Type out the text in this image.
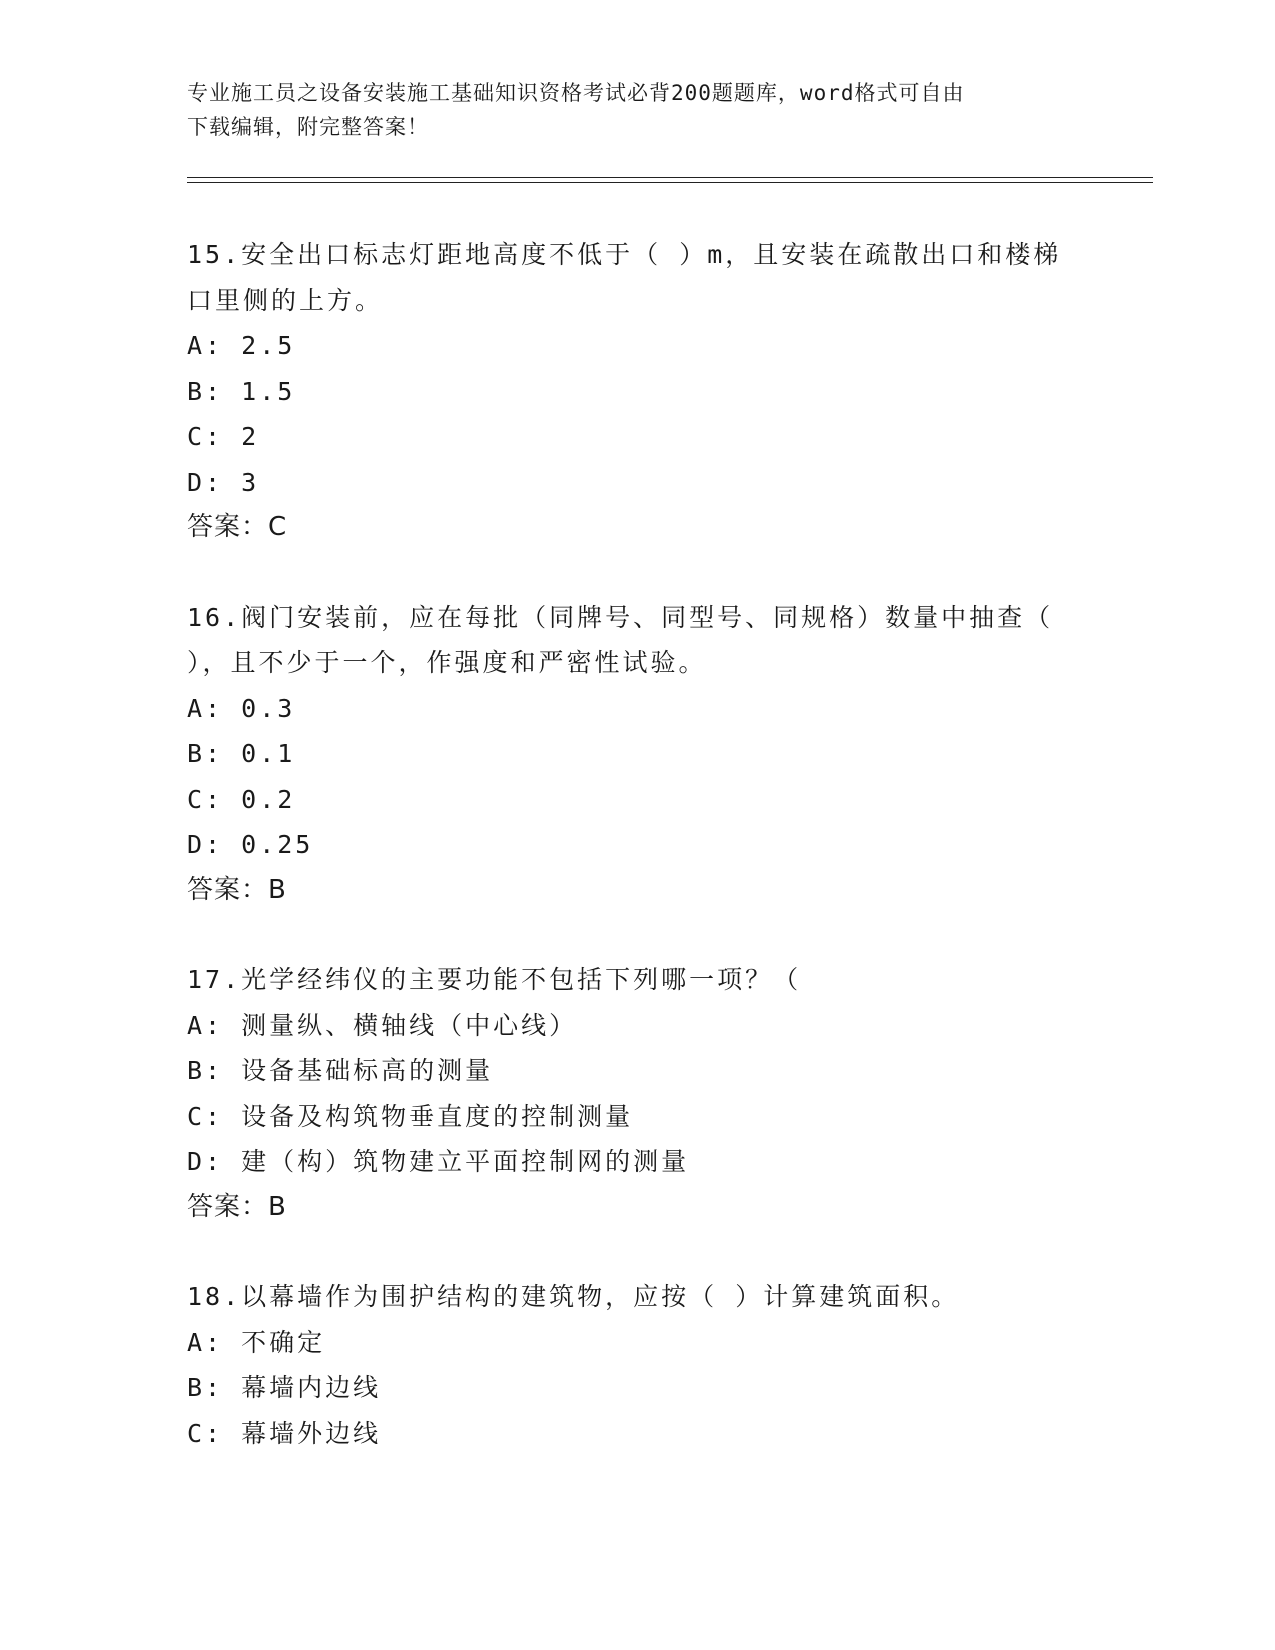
专业施工员之设备安装施工基础知识资格考试必背200题题库，word格式可自由
下载编辑，附完整答案！
15.安全出口标志灯距地高度不低于（ ）m，且安装在疏散出口和楼梯
口里侧的上方。
A: 2.5
B: 1.5
C: 2
D: 3
答案：C
16.阀门安装前，应在每批（同牌号、同型号、同规格）数量中抽查（
），且不少于一个，作强度和严密性试验。
A: 0.3
B: 0.1
C: 0.2
D: 0.25
答案：B
17.光学经纬仪的主要功能不包括下列哪一项？（
A: 测量纵、横轴线（中心线）
B: 设备基础标高的测量
C: 设备及构筑物垂直度的控制测量
D: 建（构）筑物建立平面控制网的测量
答案：B
18.以幕墙作为围护结构的建筑物，应按（ ）计算建筑面积。
A: 不确定
B: 幕墙内边线
C: 幕墙外边线
